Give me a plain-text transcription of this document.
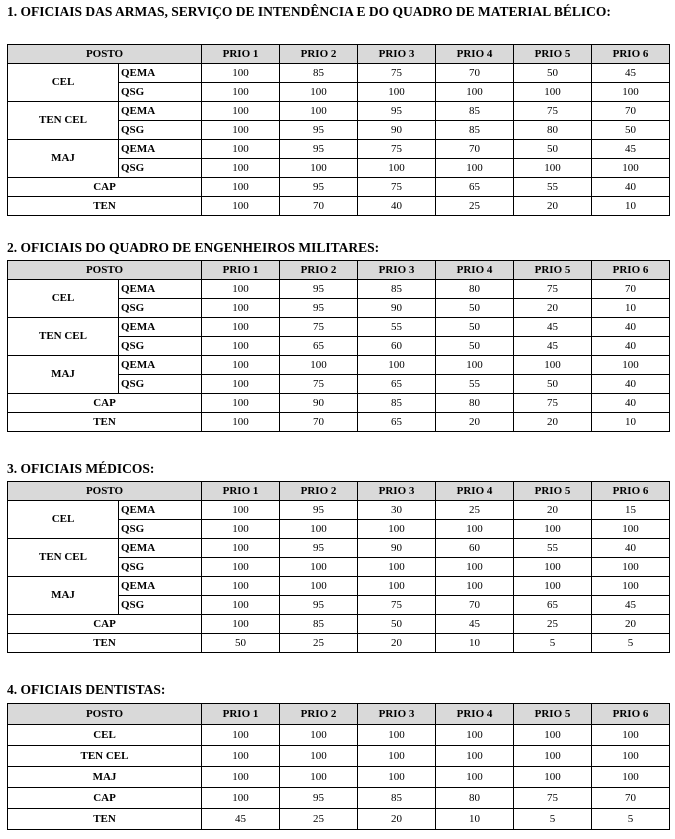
1. OFICIAIS DAS ARMAS, SERVIÇO DE INTENDÊNCIA E DO QUADRO DE MATERIAL BÉLICO:

POSTO		PRIO 1	PRIO 2	PRIO 3	PRIO 4	PRIO 5	PRIO 6
CEL	QEMA	100	85	75	70	50	45
	QSG	100	100	100	100	100	100
TEN CEL	QEMA	100	100	95	85	75	70
	QSG	100	95	90	85	80	50
MAJ	QEMA	100	95	75	70	50	45
	QSG	100	100	100	100	100	100
CAP		100	95	75	65	55	40
TEN		100	70	40	25	20	10

2. OFICIAIS DO QUADRO DE ENGENHEIROS MILITARES:

POSTO		PRIO 1	PRIO 2	PRIO 3	PRIO 4	PRIO 5	PRIO 6
CEL	QEMA	100	95	85	80	75	70
	QSG	100	95	90	50	20	10
TEN CEL	QEMA	100	75	55	50	45	40
	QSG	100	65	60	50	45	40
MAJ	QEMA	100	100	100	100	100	100
	QSG	100	75	65	55	50	40
CAP		100	90	85	80	75	40
TEN		100	70	65	20	20	10

3. OFICIAIS MÉDICOS:

POSTO		PRIO 1	PRIO 2	PRIO 3	PRIO 4	PRIO 5	PRIO 6
CEL	QEMA	100	95	30	25	20	15
	QSG	100	100	100	100	100	100
TEN CEL	QEMA	100	95	90	60	55	40
	QSG	100	100	100	100	100	100
MAJ	QEMA	100	100	100	100	100	100
	QSG	100	95	75	70	65	45
CAP		100	85	50	45	25	20
TEN		50	25	20	10	5	5

4. OFICIAIS DENTISTAS:

POSTO	PRIO 1	PRIO 2	PRIO 3	PRIO 4	PRIO 5	PRIO 6
CEL	100	100	100	100	100	100
TEN CEL	100	100	100	100	100	100
MAJ	100	100	100	100	100	100
CAP	100	95	85	80	75	70
TEN	45	25	20	10	5	5
